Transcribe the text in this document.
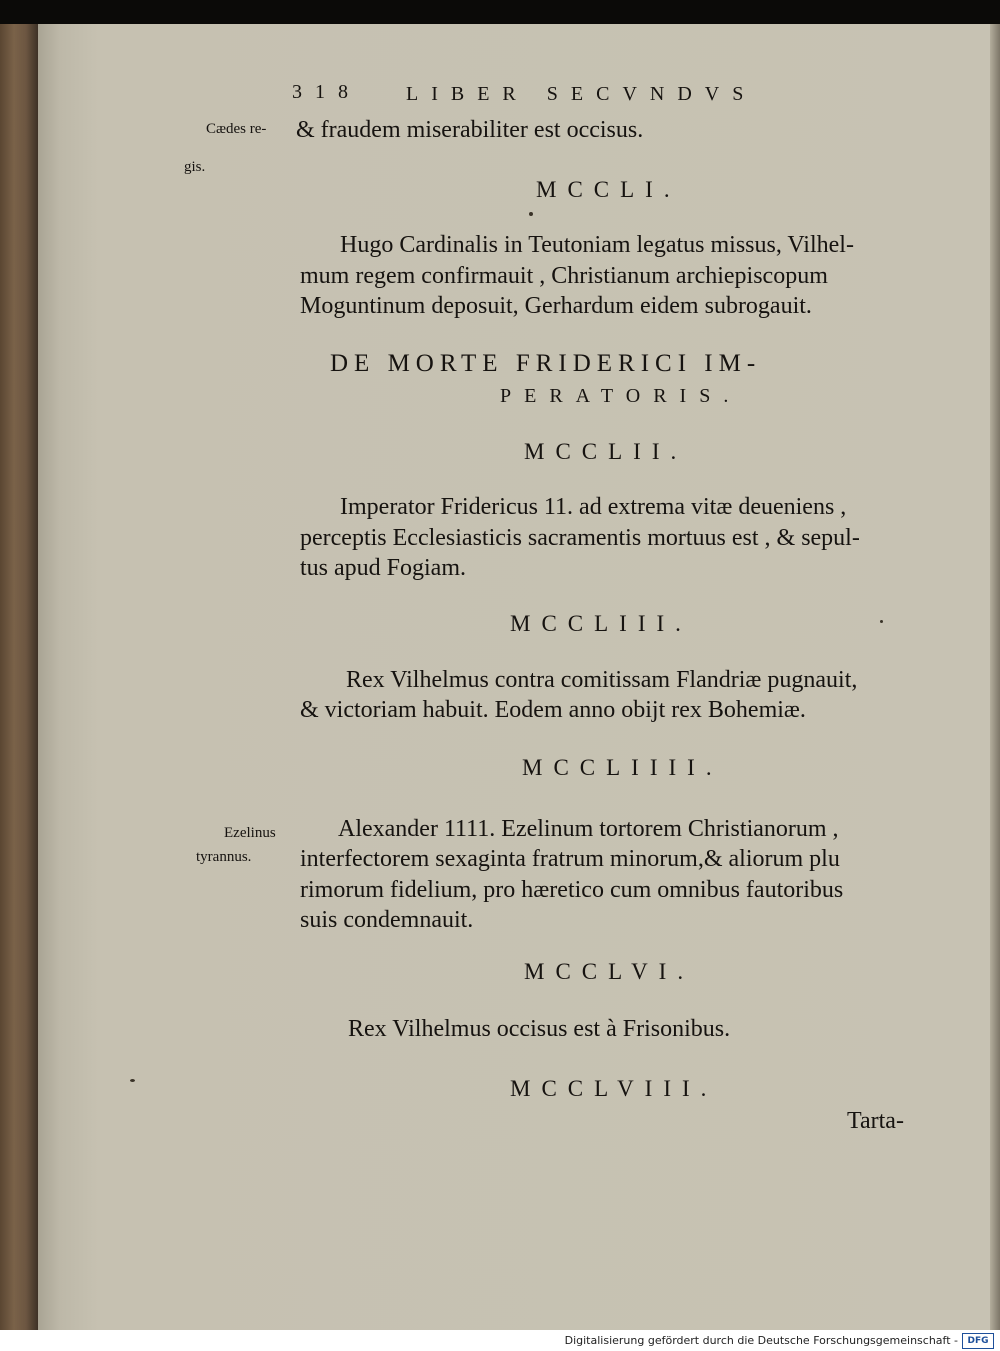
318 LIBER SECVNDVS
Cædes re-
gis.
& fraudem miserabiliter est occisus.
MCCLI.
Hugo Cardinalis in Teutoniam legatus missus, Vilhel-
mum regem confirmauit , Christianum archiepiscopum
Moguntinum deposuit, Gerhardum eidem subrogauit.
DE MORTE FRIDERICI IM-
PERATORIS.
MCCLII.
Imperator Fridericus 11. ad extrema vitæ deueniens ,
perceptis Ecclesiasticis sacramentis mortuus est , & sepul-
tus apud Fogiam.
MCCLIII.
Rex Vilhelmus contra comitissam Flandriæ pugnauit,
& victoriam habuit. Eodem anno obijt rex Bohemiæ.
MCCLIIII.
Ezelinus
tyrannus.
Alexander 1111. Ezelinum tortorem Christianorum ,
interfectorem sexaginta fratrum minorum,& aliorum plu
rimorum fidelium, pro hæretico cum omnibus fautoribus
suis condemnauit.
MCCLVI.
Rex Vilhelmus occisus est à Frisonibus.
MCCLVIII.
Tarta-
Digitalisierung gefördert durch die Deutsche Forschungsgemeinschaft -	DFG
